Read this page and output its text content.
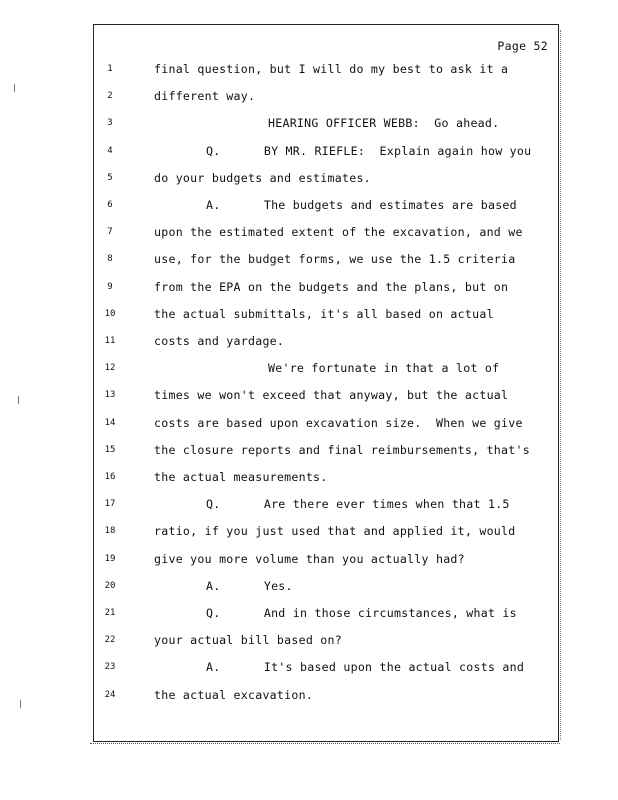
Page 52
1	final question, but I will do my best to ask it a
2	different way.
3	HEARING OFFICER WEBB:  Go ahead.
4	Q.      BY MR. RIEFLE:  Explain again how you
5	do your budgets and estimates.
6	A.      The budgets and estimates are based
7	upon the estimated extent of the excavation, and we
8	use, for the budget forms, we use the 1.5 criteria
9	from the EPA on the budgets and the plans, but on
10	the actual submittals, it's all based on actual
11	costs and yardage.
12	We're fortunate in that a lot of
13	times we won't exceed that anyway, but the actual
14	costs are based upon excavation size.  When we give
15	the closure reports and final reimbursements, that's
16	the actual measurements.
17	Q.      Are there ever times when that 1.5
18	ratio, if you just used that and applied it, would
19	give you more volume than you actually had?
20	A.      Yes.
21	Q.      And in those circumstances, what is
22	your actual bill based on?
23	A.      It's based upon the actual costs and
24	the actual excavation.
